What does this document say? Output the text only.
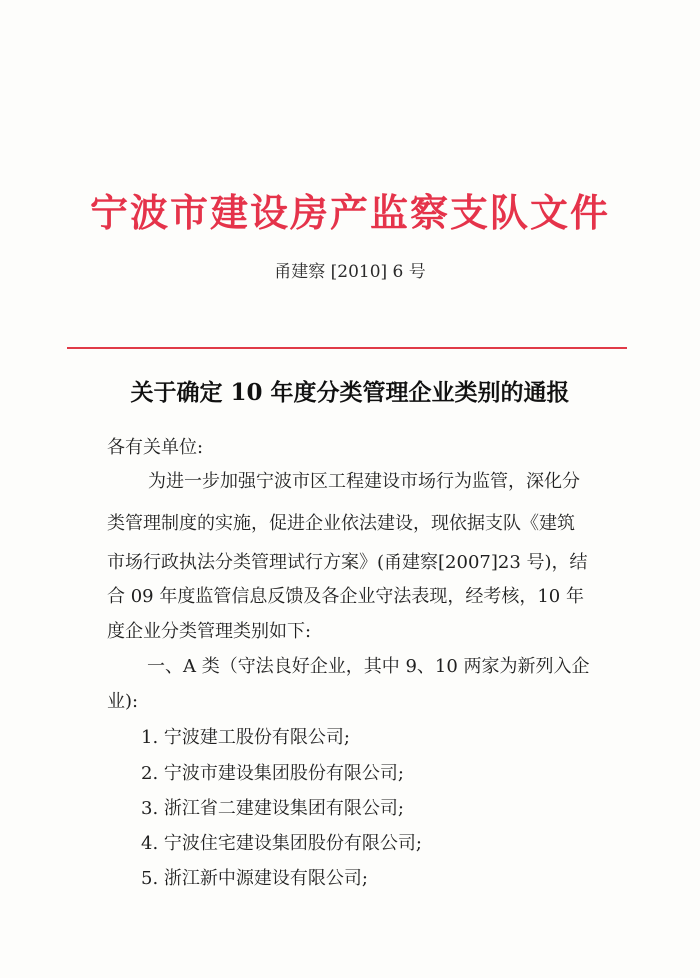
宁波市建设房产监察支队文件
甬建察 [2010] 6 号
关于确定 10 年度分类管理企业类别的通报
各有关单位:
为进一步加强宁波市区工程建设市场行为监管，深化分
类管理制度的实施，促进企业依法建设，现依据支队《建筑
市场行政执法分类管理试行方案》(甬建察[2007]23 号)，结
合 09 年度监管信息反馈及各企业守法表现，经考核，10 年
度企业分类管理类别如下:
一、A 类（守法良好企业，其中 9、10 两家为新列入企
业):
1. 宁波建工股份有限公司;
2. 宁波市建设集团股份有限公司;
3. 浙江省二建建设集团有限公司;
4. 宁波住宅建设集团股份有限公司;
5. 浙江新中源建设有限公司;
